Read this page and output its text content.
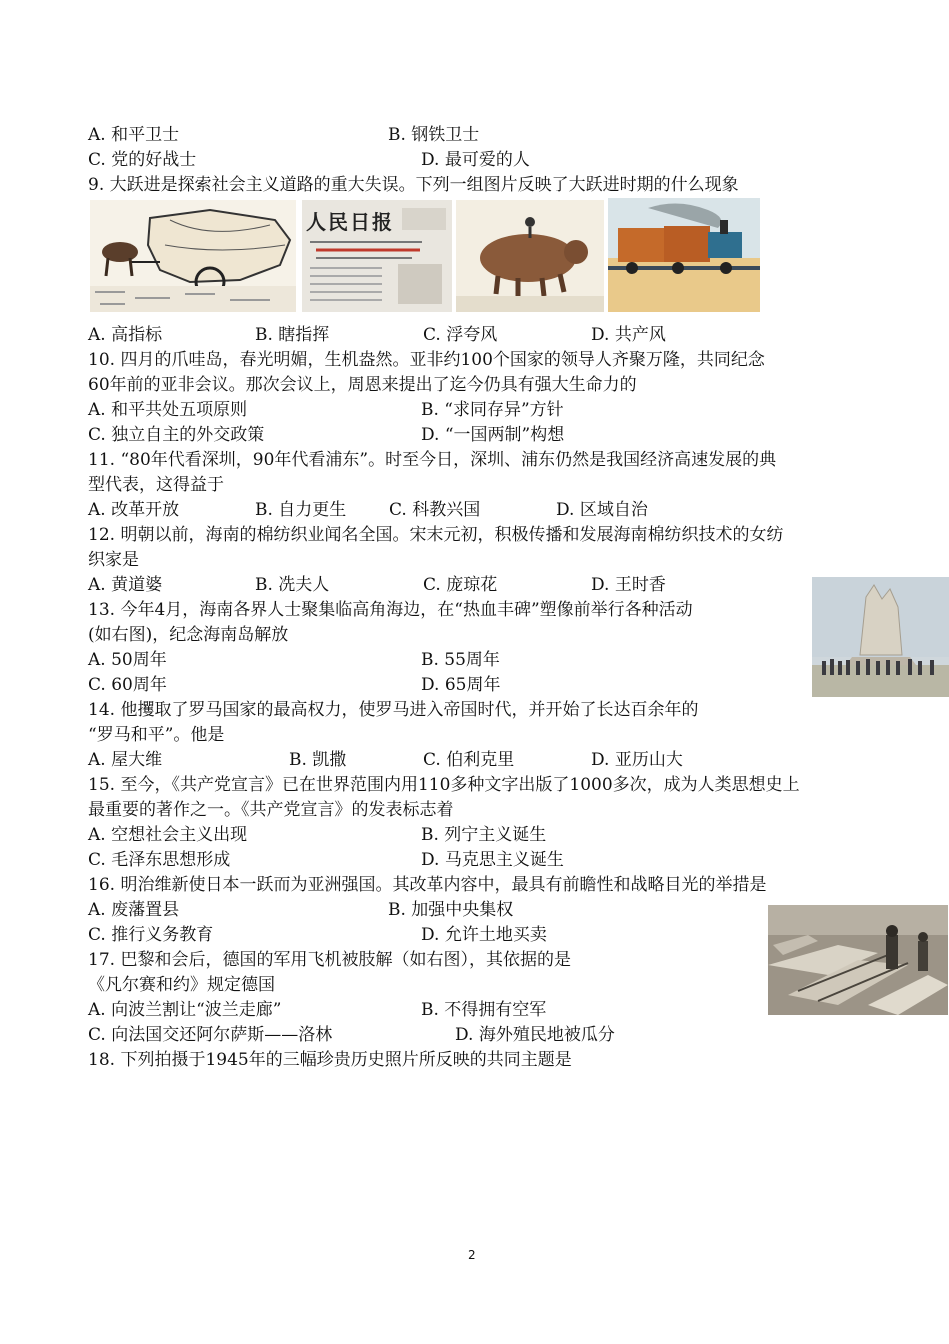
A. 和平卫士	B. 钢铁卫士
C. 党的好战士	D. 最可爱的人
9. 大跃进是探索社会主义道路的重大失误。下列一组图片反映了大跃进时期的什么现象
人民日报
A. 高指标	B. 瞎指挥	C. 浮夸风	D. 共产风
10. 四月的爪哇岛，春光明媚，生机盎然。亚非约100个国家的领导人齐聚万隆，共同纪念
60年前的亚非会议。那次会议上，周恩来提出了迄今仍具有强大生命力的
A. 和平共处五项原则	B. “求同存异”方针
C. 独立自主的外交政策	D. “一国两制”构想
11. “80年代看深圳，90年代看浦东”。时至今日，深圳、浦东仍然是我国经济高速发展的典
型代表，这得益于
A. 改革开放	B. 自力更生	C. 科教兴国	D. 区域自治
12. 明朝以前，海南的棉纺织业闻名全国。宋末元初，积极传播和发展海南棉纺织技术的女纺
织家是
A. 黄道婆	B. 冼夫人	C. 庞琼花	D. 王时香
13. 今年4月，海南各界人士聚集临高角海边，在“热血丰碑”塑像前举行各种活动
(如右图)，纪念海南岛解放
A. 50周年	B. 55周年
C. 60周年	D. 65周年
14. 他攫取了罗马国家的最高权力，使罗马进入帝国时代，并开始了长达百余年的
“罗马和平”。他是
A. 屋大维	B. 凯撒	C. 伯利克里	D. 亚历山大
15. 至今，《共产党宣言》已在世界范围内用110多种文字出版了1000多次，成为人类思想史上
最重要的著作之一。《共产党宣言》的发表标志着
A. 空想社会主义出现	B. 列宁主义诞生
C. 毛泽东思想形成	D. 马克思主义诞生
16. 明治维新使日本一跃而为亚洲强国。其改革内容中，最具有前瞻性和战略目光的举措是
A. 废藩置县	B. 加强中央集权
C. 推行义务教育	D. 允许土地买卖
17. 巴黎和会后，德国的军用飞机被肢解（如右图），其依据的是
《凡尔赛和约》规定德国
A. 向波兰割让“波兰走廊”	B. 不得拥有空军
C. 向法国交还阿尔萨斯——洛林	D. 海外殖民地被瓜分
18. 下列拍摄于1945年的三幅珍贵历史照片所反映的共同主题是
2
